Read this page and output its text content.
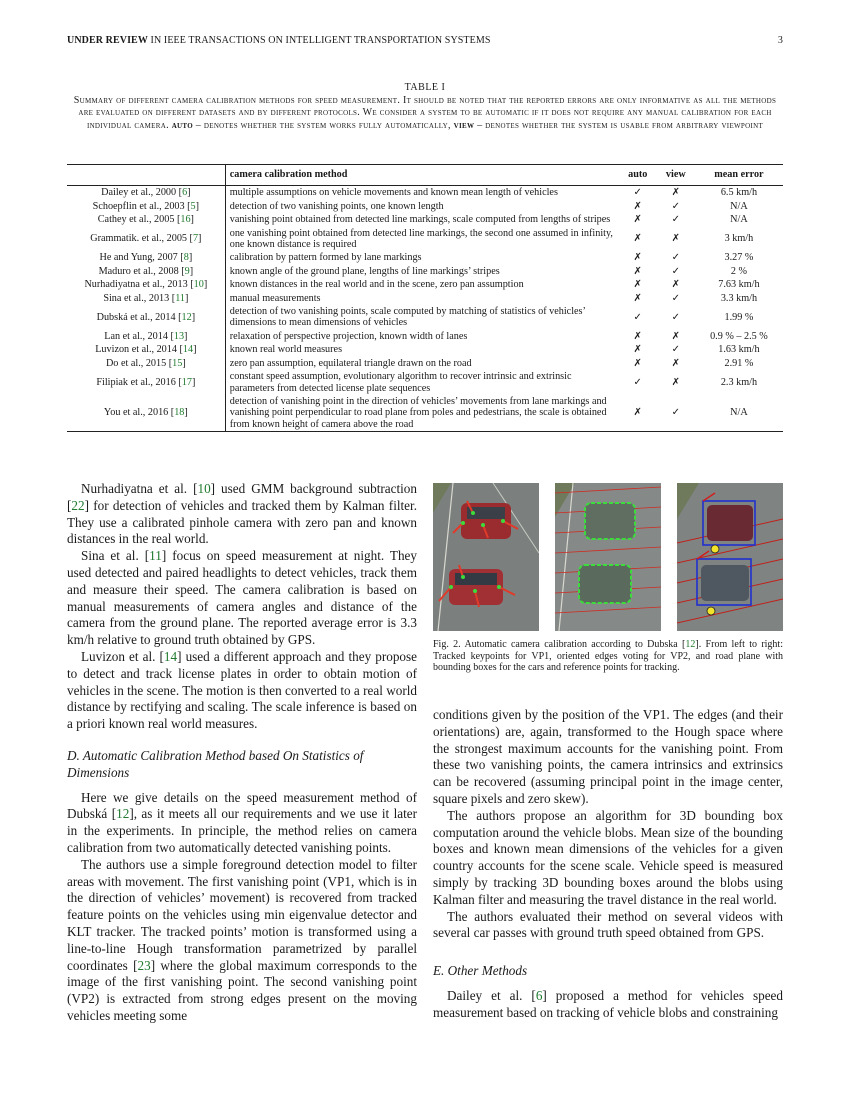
UNDER REVIEW IN IEEE TRANSACTIONS ON INTELLIGENT TRANSPORTATION SYSTEMS	3
TABLE I
Summary of different camera calibration methods for speed measurement. It should be noted that the reported errors are only informative as all the methods are evaluated on different datasets and by different protocols. We consider a system to be automatic if it does not require any manual calibration for each individual camera. auto – denotes whether the system works fully automatically, view – denotes whether the system is usable from arbitrary viewpoint
	camera calibration method	auto	view	mean error
Dailey et al., 2000 [6]	multiple assumptions on vehicle movements and known mean length of vehicles	✓	✗	6.5 km/h
Schoepflin et al., 2003 [5]	detection of two vanishing points, one known length	✗	✓	N/A
Cathey et al., 2005 [16]	vanishing point obtained from detected line markings, scale computed from lengths of stripes	✗	✓	N/A
Grammatik. et al., 2005 [7]	one vanishing point obtained from detected line markings, the second one assumed in infinity, one known distance is required	✗	✗	3 km/h
He and Yung, 2007 [8]	calibration by pattern formed by lane markings	✗	✓	3.27 %
Maduro et al., 2008 [9]	known angle of the ground plane, lengths of line markings’ stripes	✗	✓	2 %
Nurhadiyatna et al., 2013 [10]	known distances in the real world and in the scene, zero pan assumption	✗	✗	7.63 km/h
Sina et al., 2013 [11]	manual measurements	✗	✓	3.3 km/h
Dubská et al., 2014 [12]	detection of two vanishing points, scale computed by matching of statistics of vehicles’ dimensions to mean dimensions of vehicles	✓	✓	1.99 %
Lan et al., 2014 [13]	relaxation of perspective projection, known width of lanes	✗	✗	0.9 % – 2.5 %
Luvizon et al., 2014 [14]	known real world measures	✗	✓	1.63 km/h
Do et al., 2015 [15]	zero pan assumption, equilateral triangle drawn on the road	✗	✗	2.91 %
Filipiak et al., 2016 [17]	constant speed assumption, evolutionary algorithm to recover intrinsic and extrinsic parameters from detected license plate sequences	✓	✗	2.3 km/h
You et al., 2016 [18]	detection of vanishing point in the direction of vehicles’ movements from lane markings and vanishing point perpendicular to road plane from poles and pedestrians, the scale is obtained from known height of camera above the road	✗	✓	N/A

Nurhadiyatna et al. [10] used GMM background subtraction [22] for detection of vehicles and tracked them by Kalman filter. They use a calibrated pinhole camera with zero pan and known distances in the real world.

Sina et al. [11] focus on speed measurement at night. They used detected and paired headlights to detect vehicles, track them and measure their speed. The camera calibration is based on manual measurements of camera angles and distance of the camera from the ground plane. The reported average error is 3.3 km/h relative to ground truth obtained by GPS.

Luvizon et al. [14] used a different approach and they propose to detect and track license plates in order to obtain motion of vehicles in the scene. The motion is then converted to a real world distance by rectifying and scaling. The scale inference is based on a priori known real world measures.

D. Automatic Calibration Method based On Statistics of Dimensions

Here we give details on the speed measurement method of Dubská [12], as it meets all our requirements and we use it later in the experiments. In principle, the method relies on camera calibration from two automatically detected vanishing points.

The authors use a simple foreground detection model to filter areas with movement. The first vanishing point (VP1, which is in the direction of vehicles’ movement) is recovered from tracked feature points on the vehicles using min eigenvalue detector and KLT tracker. The tracked points’ motion is transformed using a line-to-line Hough transformation parametrized by parallel coordinates [23] where the global maximum corresponds to the image of the first vanishing point. The second vanishing point (VP2) is extracted from strong edges present on the moving vehicles meeting some

Fig. 2. Automatic camera calibration according to Dubska [12]. From left to right: Tracked keypoints for VP1, oriented edges voting for VP2, and road plane with bounding boxes for the cars and reference points for tracking.

conditions given by the position of the VP1. The edges (and their orientations) are, again, transformed to the Hough space where the strongest maximum accounts for the vanishing point. From these two vanishing points, the camera intrinsics and extrinsics can be recovered (assuming principal point in the image center, square pixels and zero skew).

The authors propose an algorithm for 3D bounding box computation around the vehicle blobs. Mean size of the bounding boxes and known mean dimensions of the vehicles for a given country accounts for the scene scale. Vehicle speed is measured simply by tracking 3D bounding boxes around the blobs using Kalman filter and measuring the travel distance in the real world.

The authors evaluated their method on several videos with several car passes with ground truth speed obtained from GPS.

E. Other Methods

Dailey et al. [6] proposed a method for vehicles speed measurement based on tracking of vehicle blobs and constraining
